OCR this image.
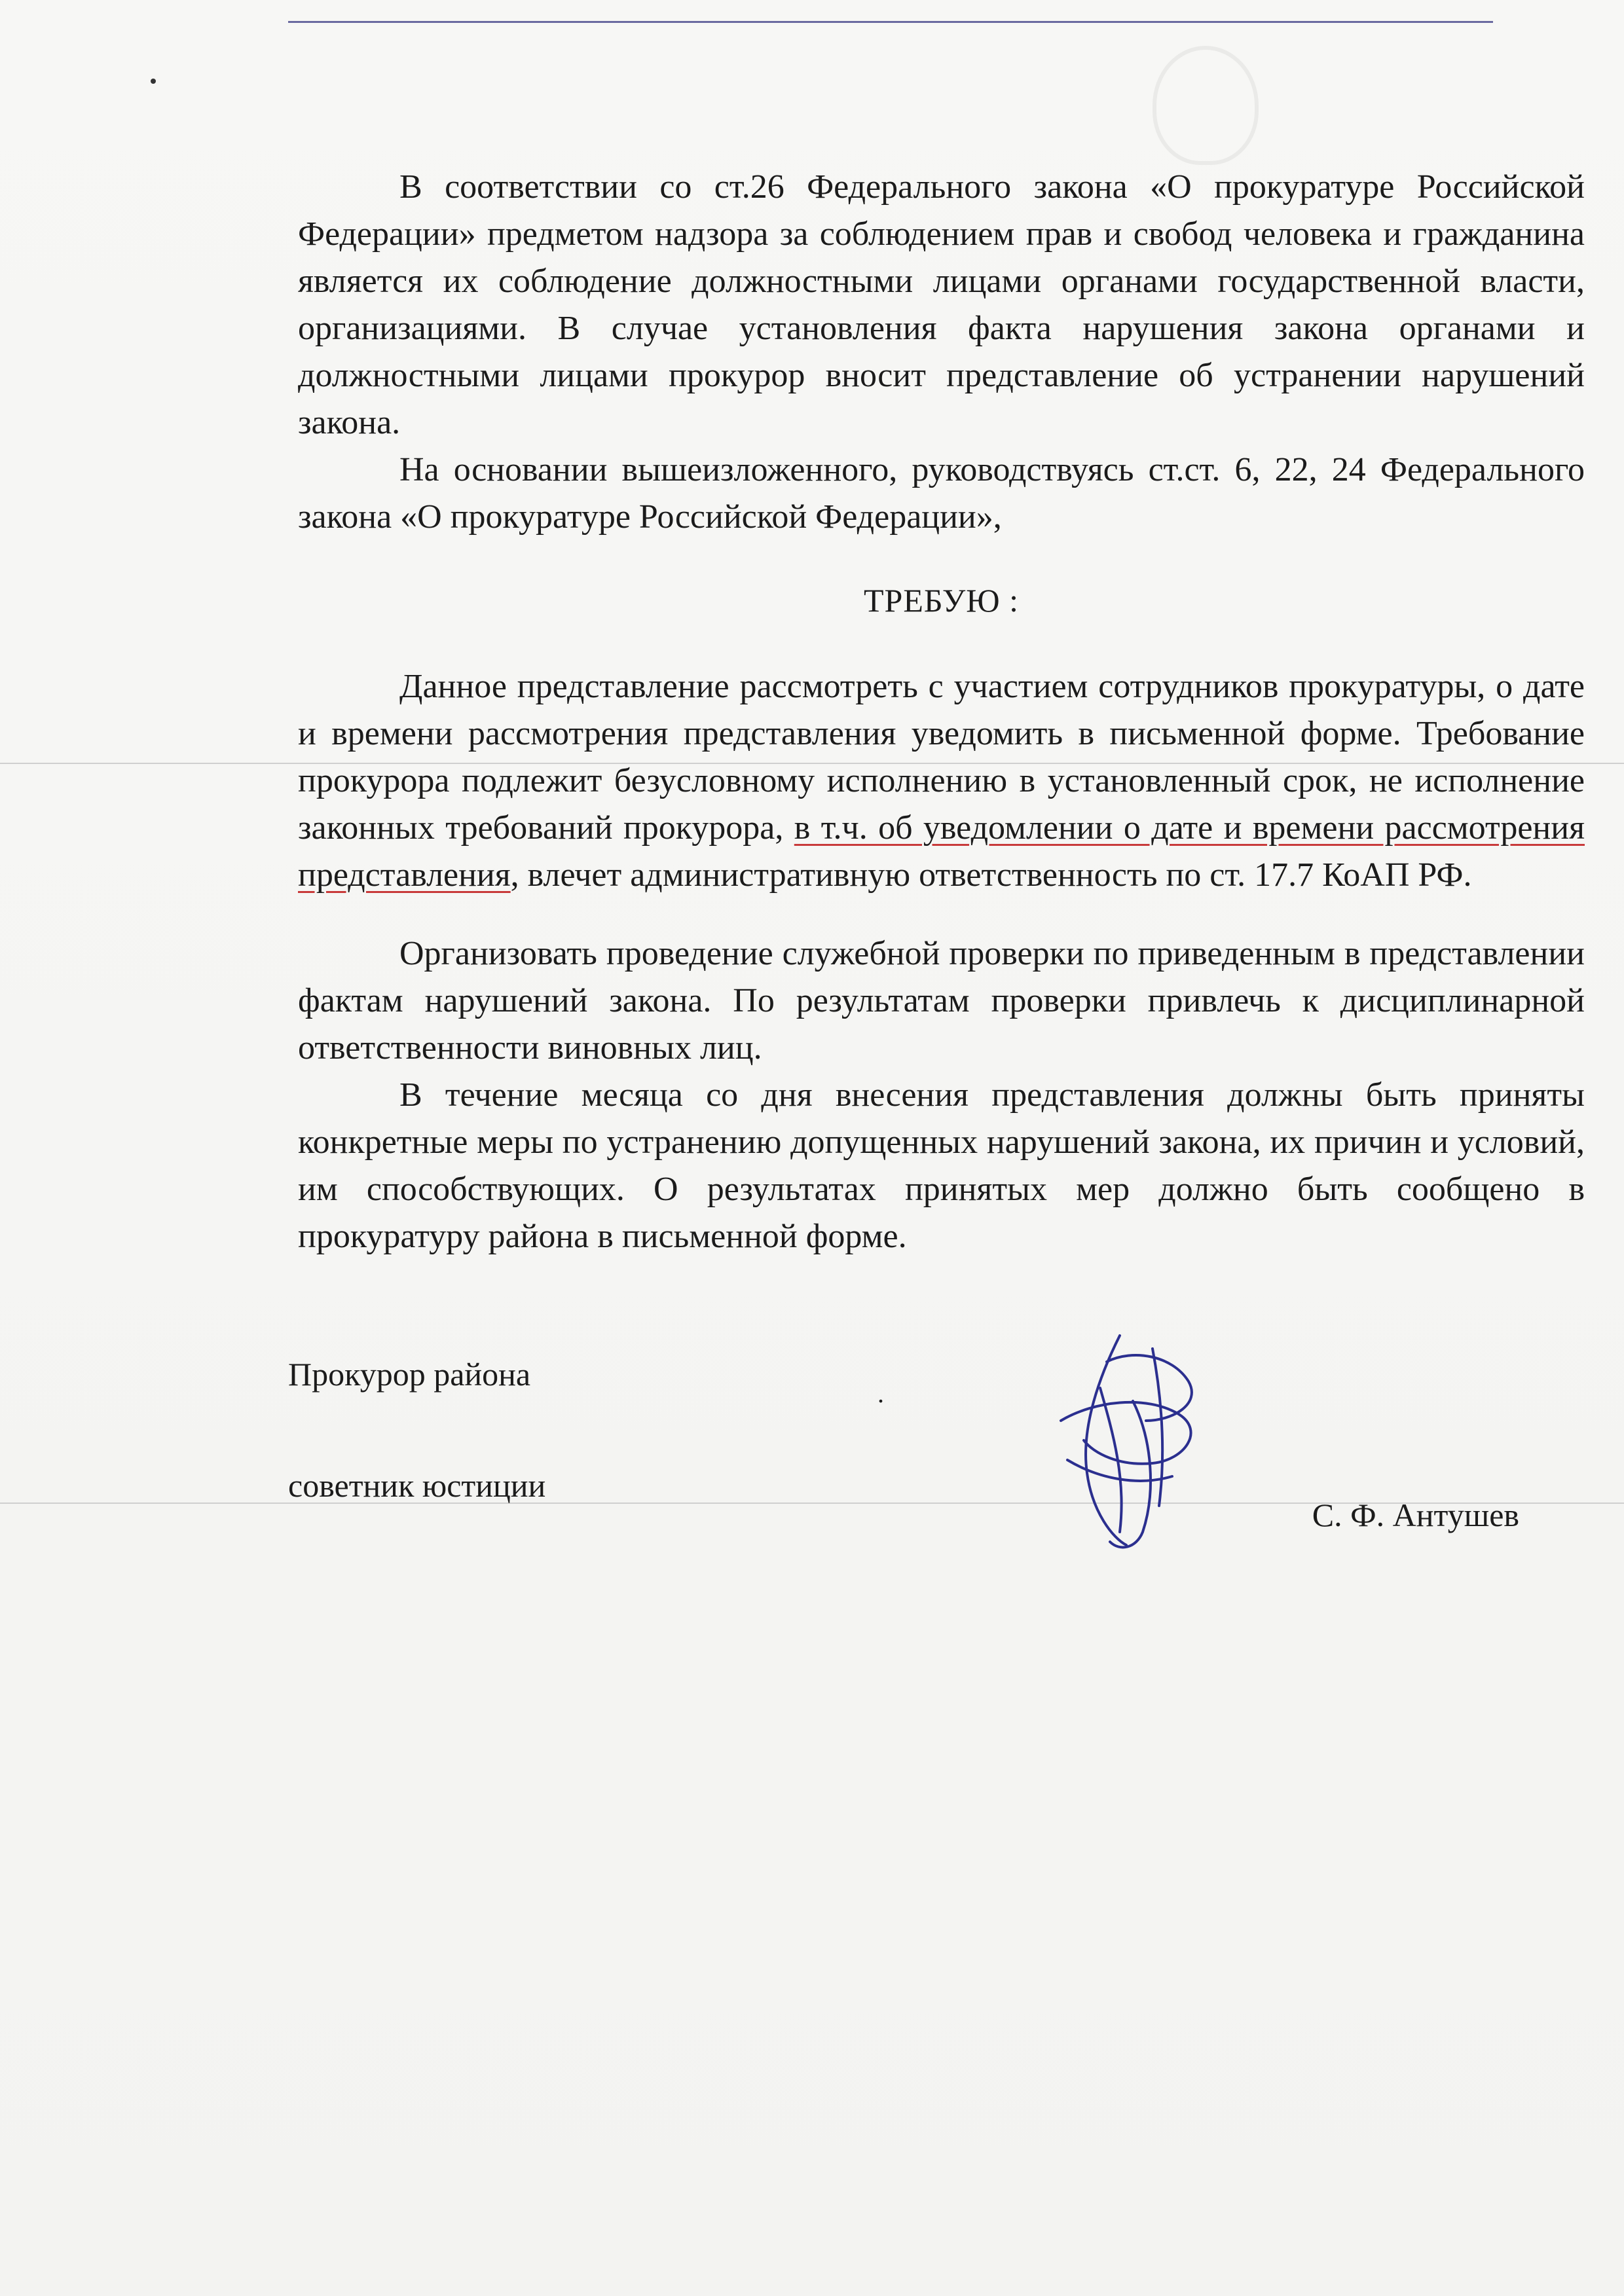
В соответствии со ст.26 Федерального закона «О прокуратуре Российской Федерации» предметом надзора за соблюдением прав и свобод человека и гражданина является их соблюдение должностными лицами органами государственной власти, организациями. В случае установления факта нарушения закона органами и должностными лицами прокурор вносит представление об устранении нарушений закона.

На основании вышеизложенного, руководствуясь ст.ст. 6, 22, 24 Федерального закона «О прокуратуре Российской Федерации»,

ТРЕБУЮ :

Данное представление рассмотреть с участием сотрудников прокуратуры, о дате и времени рассмотрения представления уведомить в письменной форме. Требование прокурора подлежит безусловному исполнению в установленный срок, не исполнение законных требований прокурора, в т.ч. об уведомлении о дате и времени рассмотрения представления, влечет административную ответственность по ст. 17.7 КоАП РФ.

Организовать проведение служебной проверки по приведенным в представлении фактам нарушений закона. По результатам проверки привлечь к дисциплинарной ответственности виновных лиц.

В течение месяца со дня внесения представления должны быть приняты конкретные меры по устранению допущенных нарушений закона, их причин и условий, им способствующих. О результатах принятых мер должно быть сообщено в прокуратуру района в письменной форме.

Прокурор района
советник юстиции
С. Ф. Антушев
.
